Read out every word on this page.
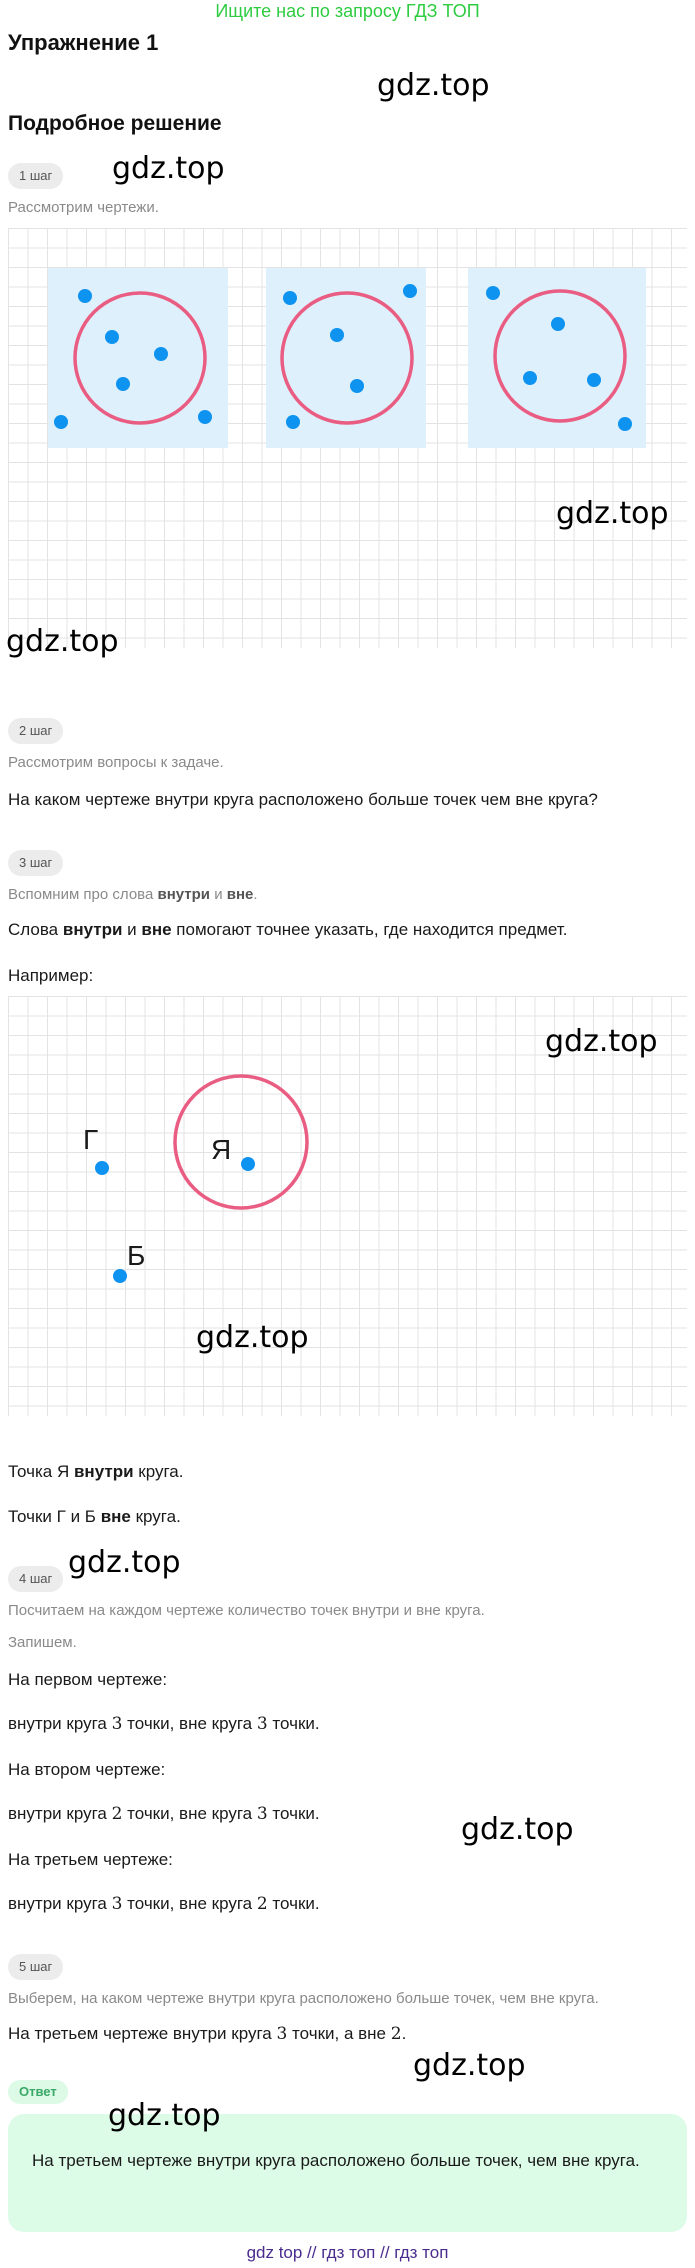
Ищите нас по запросу ГДЗ ТОП
Упражнение 1
gdz.top
Подробное решение
1 шаг	gdz.top
Рассмотрим чертежи.
gdz.top
gdz.top
2 шаг
Рассмотрим вопросы к задаче.
На каком чертеже внутри круга расположено больше точек чем вне круга?
3 шаг
Вспомним про слова внутри и вне.
Слова внутри и вне помогают точнее указать, где находится предмет.
Например:
Г	Я
Б
gdz.top
gdz.top
Точка Я внутри круга.
Точки Г и Б вне круга.
4 шаг gdz.top
Посчитаем на каждом чертеже количество точек внутри и вне круга.
Запишем.
На первом чертеже:
внутри круга 3 точки, вне круга 3 точки.
На втором чертеже:
внутри круга 2 точки, вне круга 3 точки.	gdz.top
На третьем чертеже:
внутри круга 3 точки, вне круга 2 точки.
5 шаг
Выберем, на каком чертеже внутри круга расположено больше точек, чем вне круга.
На третьем чертеже внутри круга 3 точки, а вне 2.
gdz.top
Ответ
На третьем чертеже внутри круга расположено больше точек, чем вне круга.
gdz.top
gdz top // гдз топ // гдз топ
